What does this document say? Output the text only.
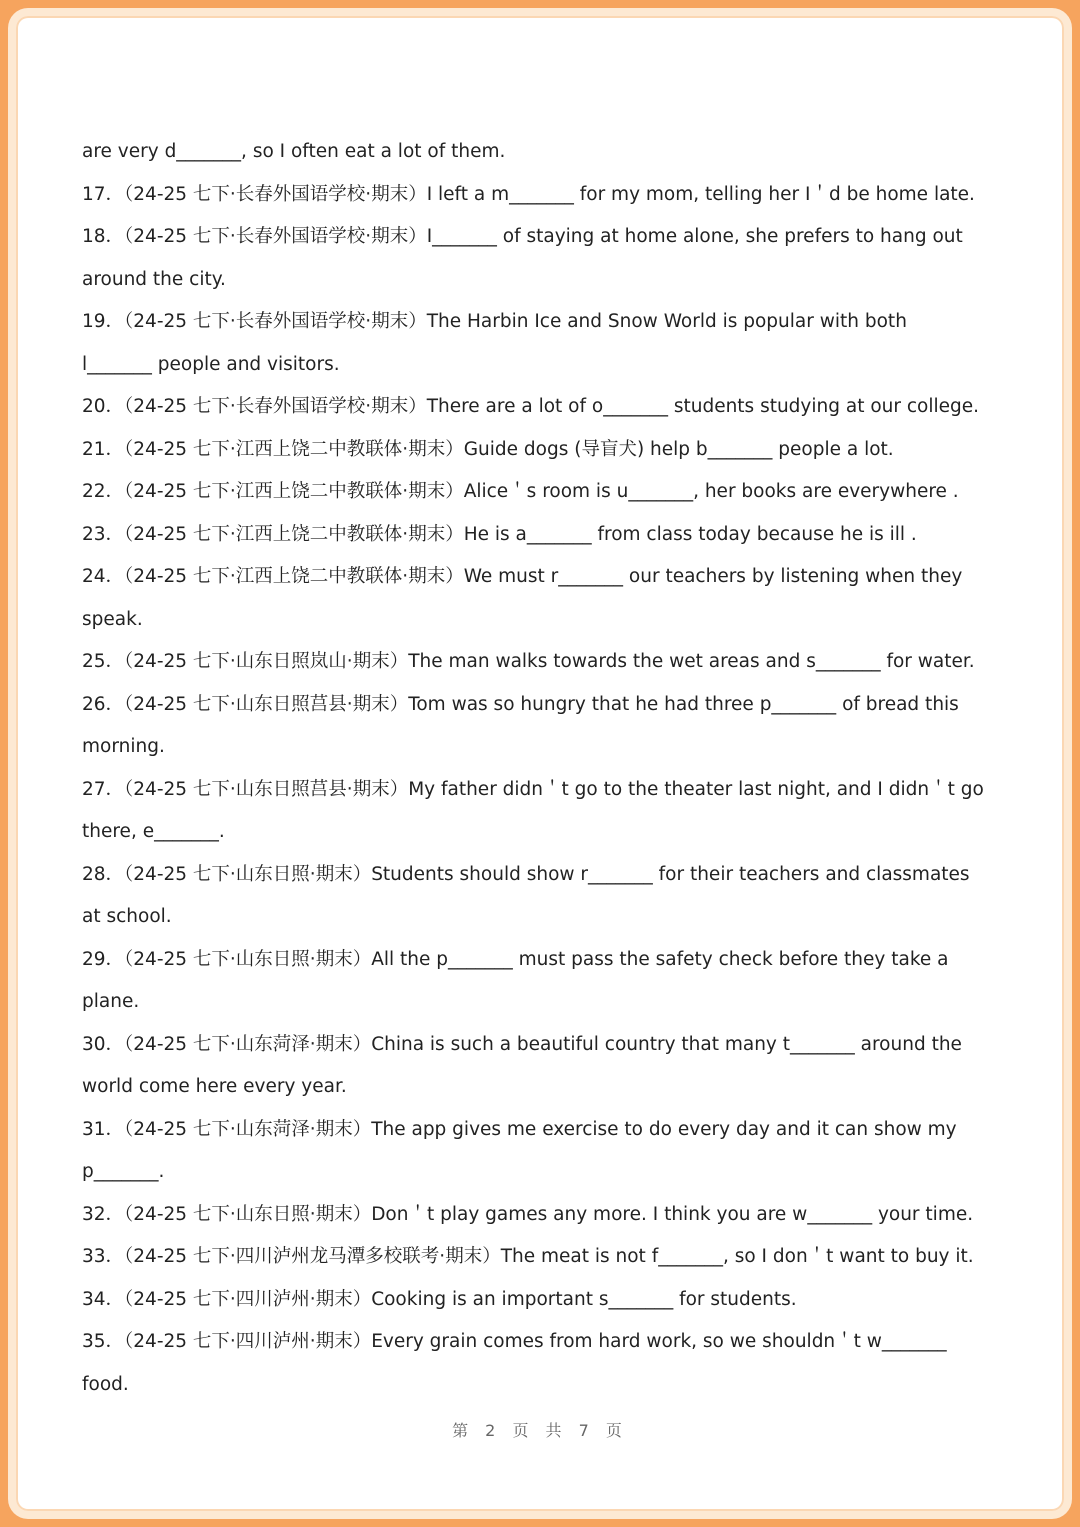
are very d_______, so I often eat a lot of them.
17．（24-25 七下·长春外国语学校·期末）I left a m_______ for my mom, telling her I＇d be home late.
18．（24-25 七下·长春外国语学校·期末）I_______ of staying at home alone, she prefers to hang out
around the city.
19．（24-25 七下·长春外国语学校·期末）The Harbin Ice and Snow World is popular with both
l_______ people and visitors.
20．（24-25 七下·长春外国语学校·期末）There are a lot of o_______ students studying at our college.
21．（24-25 七下·江西上饶二中教联体·期末）Guide dogs (导盲犬) help b_______ people a lot.
22．（24-25 七下·江西上饶二中教联体·期末）Alice＇s room is u_______, her books are everywhere .
23．（24-25 七下·江西上饶二中教联体·期末）He is a_______ from class today because he is ill .
24．（24-25 七下·江西上饶二中教联体·期末）We must r_______ our teachers by listening when they
speak.
25．（24-25 七下·山东日照岚山·期末）The man walks towards the wet areas and s_______ for water.
26．（24-25 七下·山东日照莒县·期末）Tom was so hungry that he had three p_______ of bread this
morning.
27．（24-25 七下·山东日照莒县·期末）My father didn＇t go to the theater last night, and I didn＇t go
there, e_______.
28．（24-25 七下·山东日照·期末）Students should show r_______ for their teachers and classmates
at school.
29．（24-25 七下·山东日照·期末）All the p_______ must pass the safety check before they take a
plane.
30．（24-25 七下·山东菏泽·期末）China is such a beautiful country that many t_______ around the
world come here every year.
31．（24-25 七下·山东菏泽·期末）The app gives me exercise to do every day and it can show my
p_______.
32．（24-25 七下·山东日照·期末）Don＇t play games any more. I think you are w_______ your time.
33．（24-25 七下·四川泸州龙马潭多校联考·期末）The meat is not f_______, so I don＇t want to buy it.
34．（24-25 七下·四川泸州·期末）Cooking is an important s_______ for students.
35．（24-25 七下·四川泸州·期末）Every grain comes from hard work, so we shouldn＇t w_______
food.
第 2 页 共 7 页
